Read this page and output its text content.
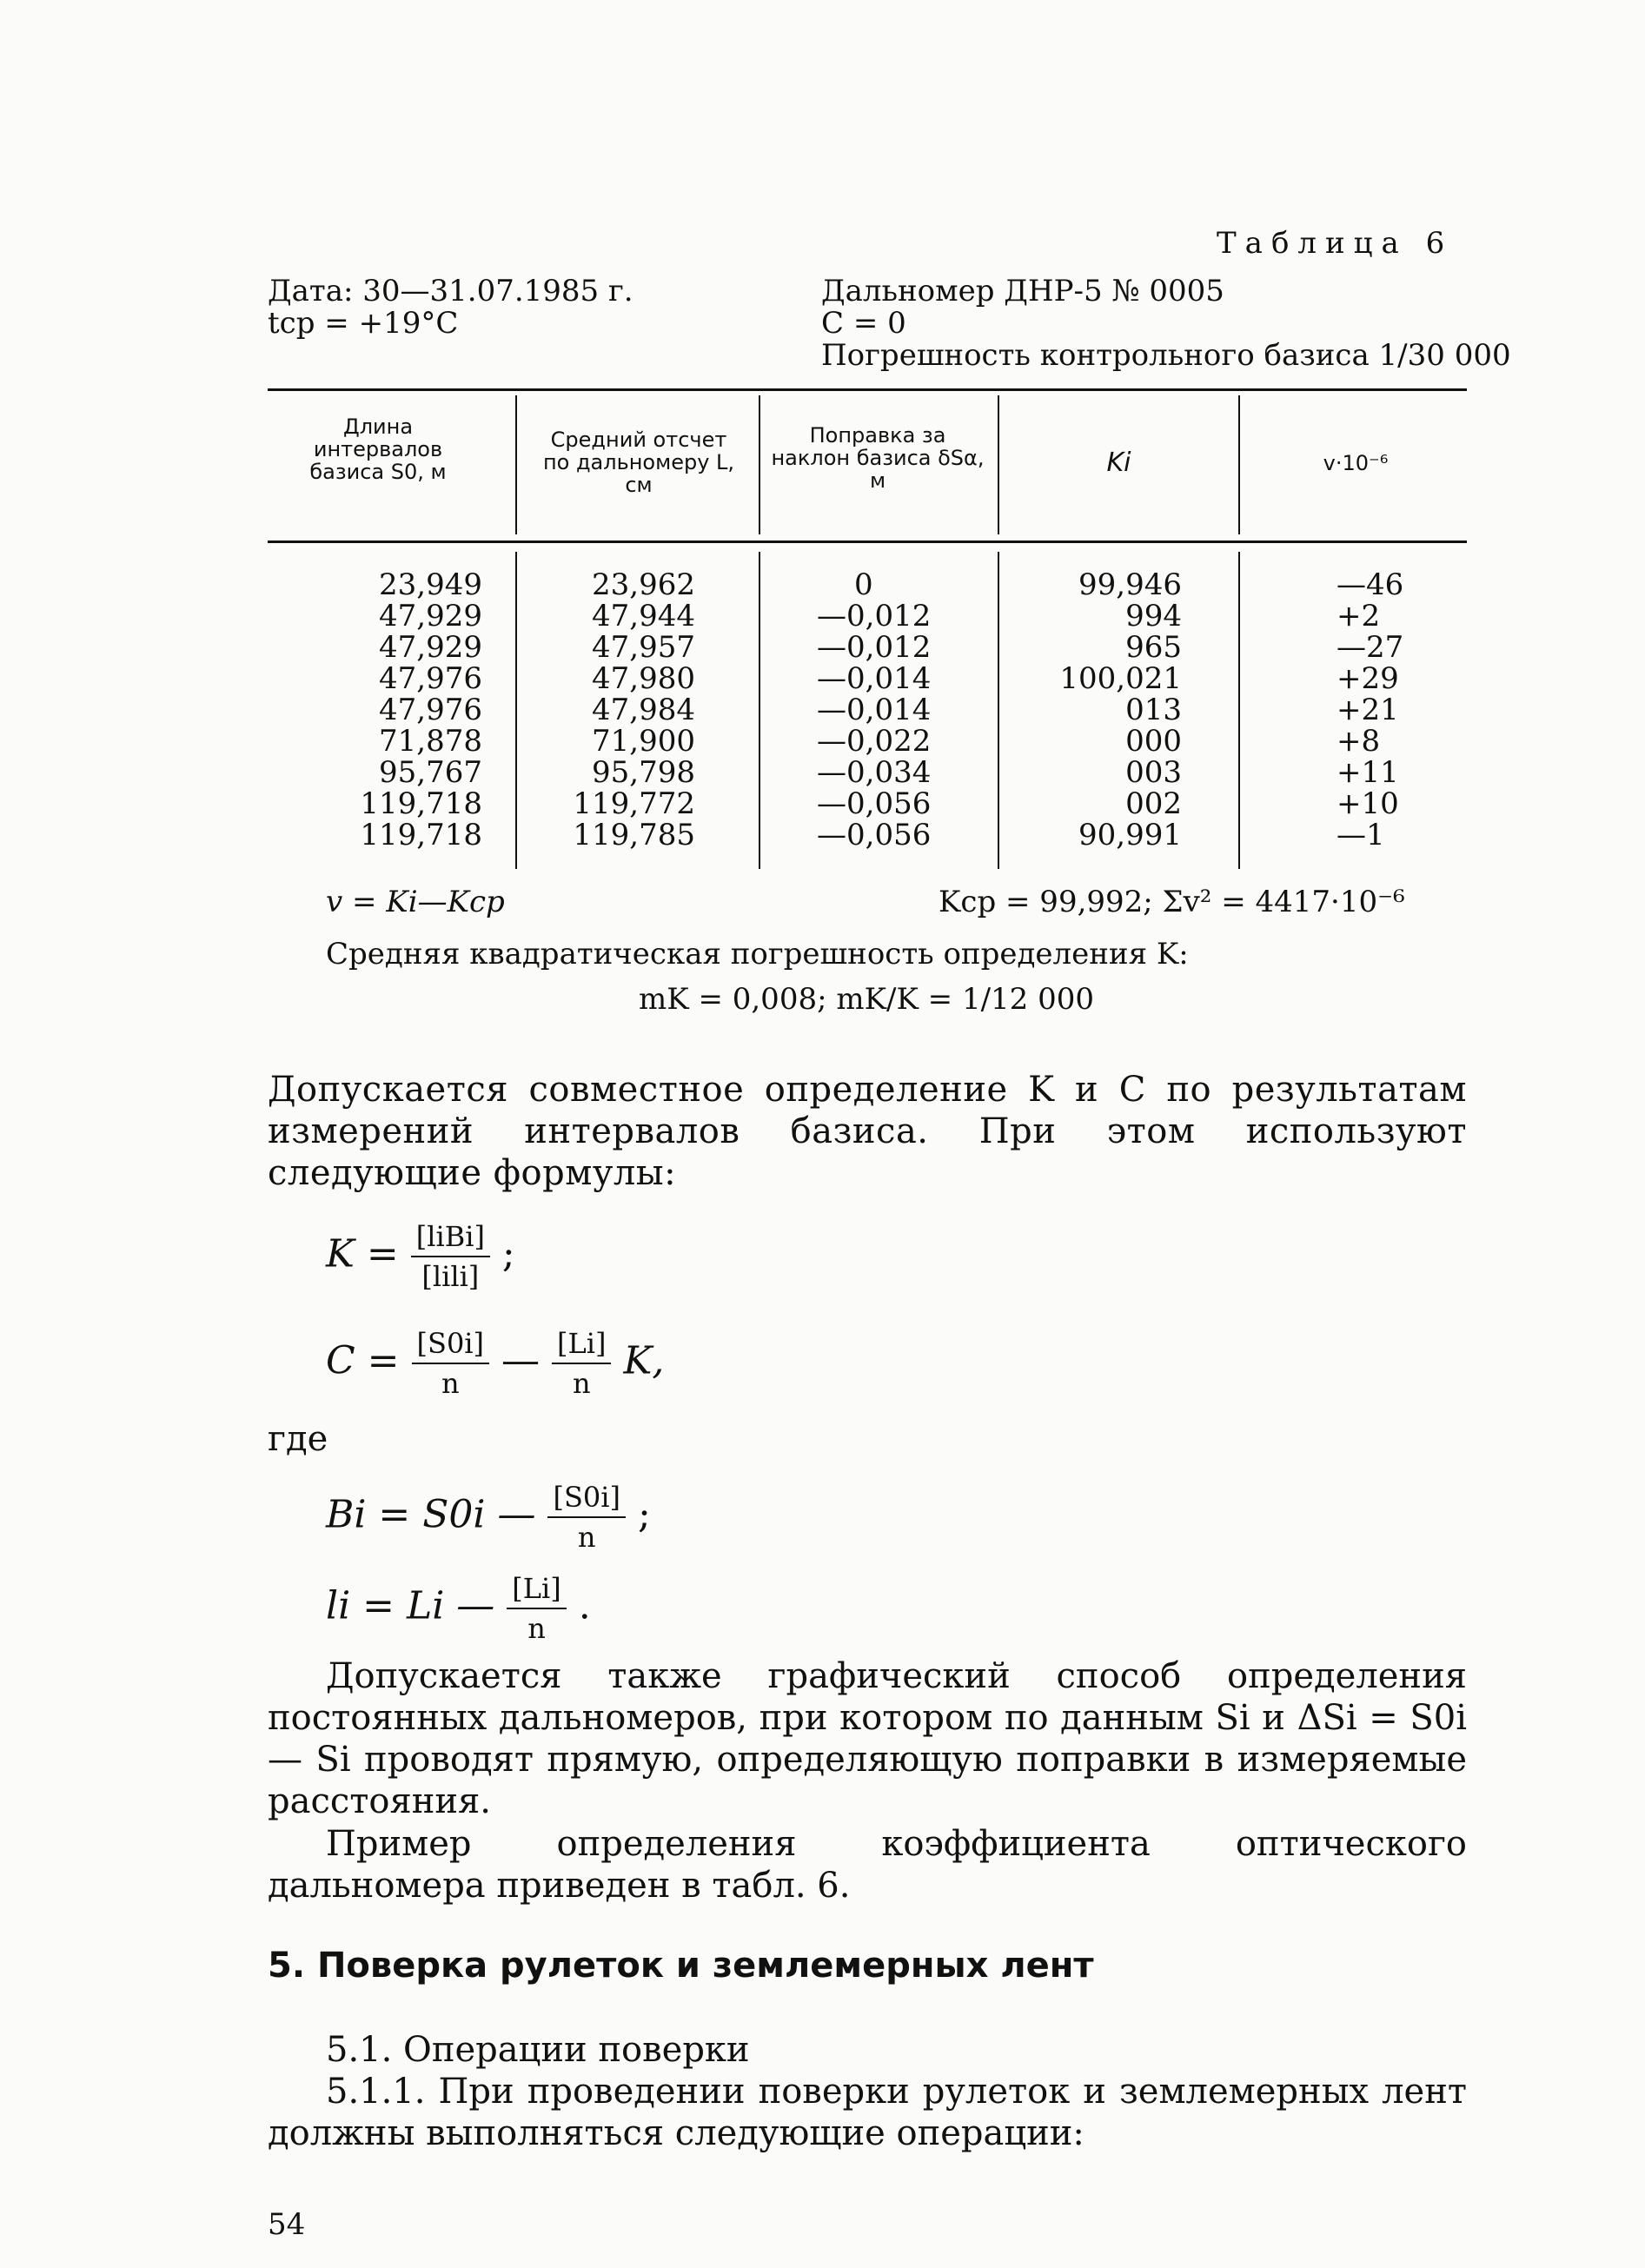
Таблица 6
Дата: 30—31.07.1985 г.
tср = +19°С
Дальномер ДНР-5 № 0005
С = 0
Погрешность контрольного базиса 1/30 000
Длина интервалов базиса S0, м
Средний отсчет по дальномеру L, см
Поправка за наклон базиса δSα, м
Ki	v·10⁻⁶
23,949
47,929
47,929
47,976
47,976
71,878
95,767
119,718
119,718
23,962
47,944
47,957
47,980
47,984
71,900
95,798
119,772
119,785
0
—0,012
—0,012
—0,014
—0,014
—0,022
—0,034
—0,056
—0,056
99,946
994
965
100,021
013
000
003
002
90,991
—46
+2
—27
+29
+21
+8
+11
+10
—1
v = Ki—Kср	Kср = 99,992; Σv² = 4417·10⁻⁶
Средняя квадратическая погрешность определения K:
mK = 0,008; mK/K = 1/12 000
Допускается совместное определение K и C по результатам измерений интервалов базиса. При этом используют следующие формулы:
$K = \frac{\text{[liBi]}}{\text{[lili]}}$ ;
$C = \frac{[S0i]}{n}$ — $\frac{[Li]}{n} K$,
где
Bi = S0i — $\frac{[S0i]}{n}$ ;
li = Li — $\frac{[Li]}{n}$ .
Допускается также графический способ определения постоянных дальномеров, при котором по данным Si и ΔSi = S0i — Si проводят прямую, определяющую поправки в измеряемые расстояния.
Пример определения коэффициента оптического дальномера приведен в табл. 6.
5. Поверка рулеток и землемерных лент
5.1. Операции поверки
5.1.1. При проведении поверки рулеток и землемерных лент должны выполняться следующие операции:
54
